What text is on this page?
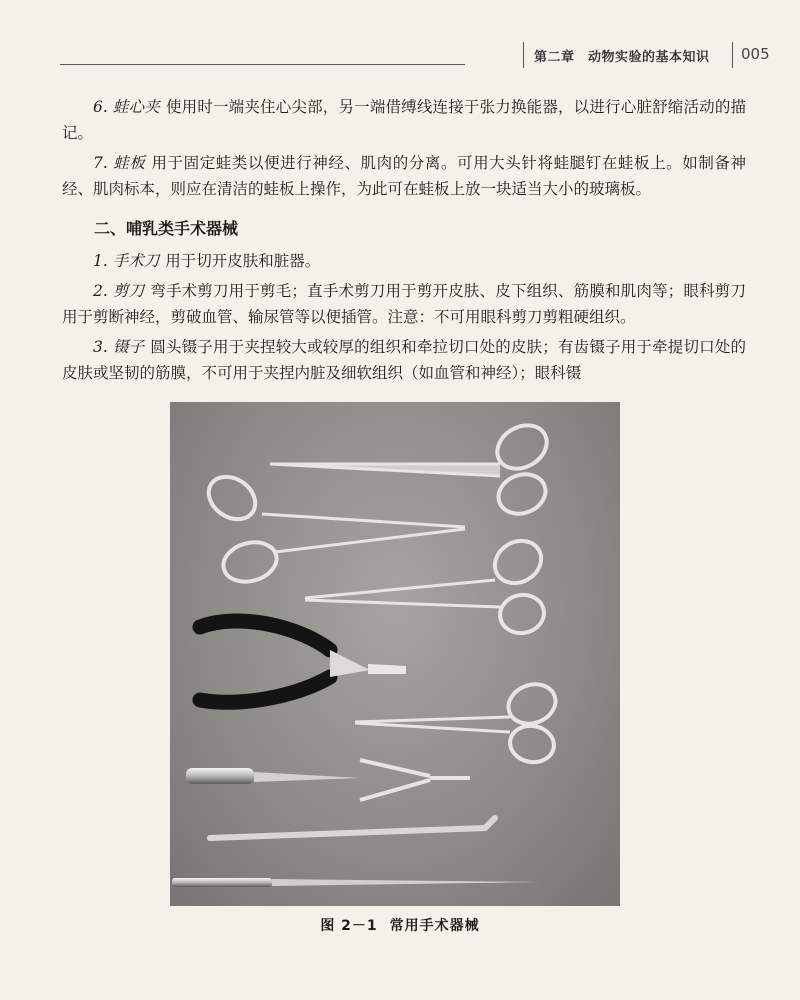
第二章　动物实验的基本知识 005

6. 蛙心夹 使用时一端夹住心尖部，另一端借缚线连接于张力换能器，以进行心脏舒缩活动的描记。

7. 蛙板 用于固定蛙类以便进行神经、肌肉的分离。可用大头针将蛙腿钉在蛙板上。如制备神经、肌肉标本，则应在清洁的蛙板上操作，为此可在蛙板上放一块适当大小的玻璃板。

二、哺乳类手术器械

1. 手术刀 用于切开皮肤和脏器。

2. 剪刀 弯手术剪刀用于剪毛；直手术剪刀用于剪开皮肤、皮下组织、筋膜和肌肉等；眼科剪刀用于剪断神经，剪破血管、输尿管等以便插管。注意：不可用眼科剪刀剪粗硬组织。

3. 镊子 圆头镊子用于夹捏较大或较厚的组织和牵拉切口处的皮肤；有齿镊子用于牵提切口处的皮肤或坚韧的筋膜，不可用于夹捏内脏及细软组织（如血管和神经）；眼科镊

图 2－1 常用手术器械
